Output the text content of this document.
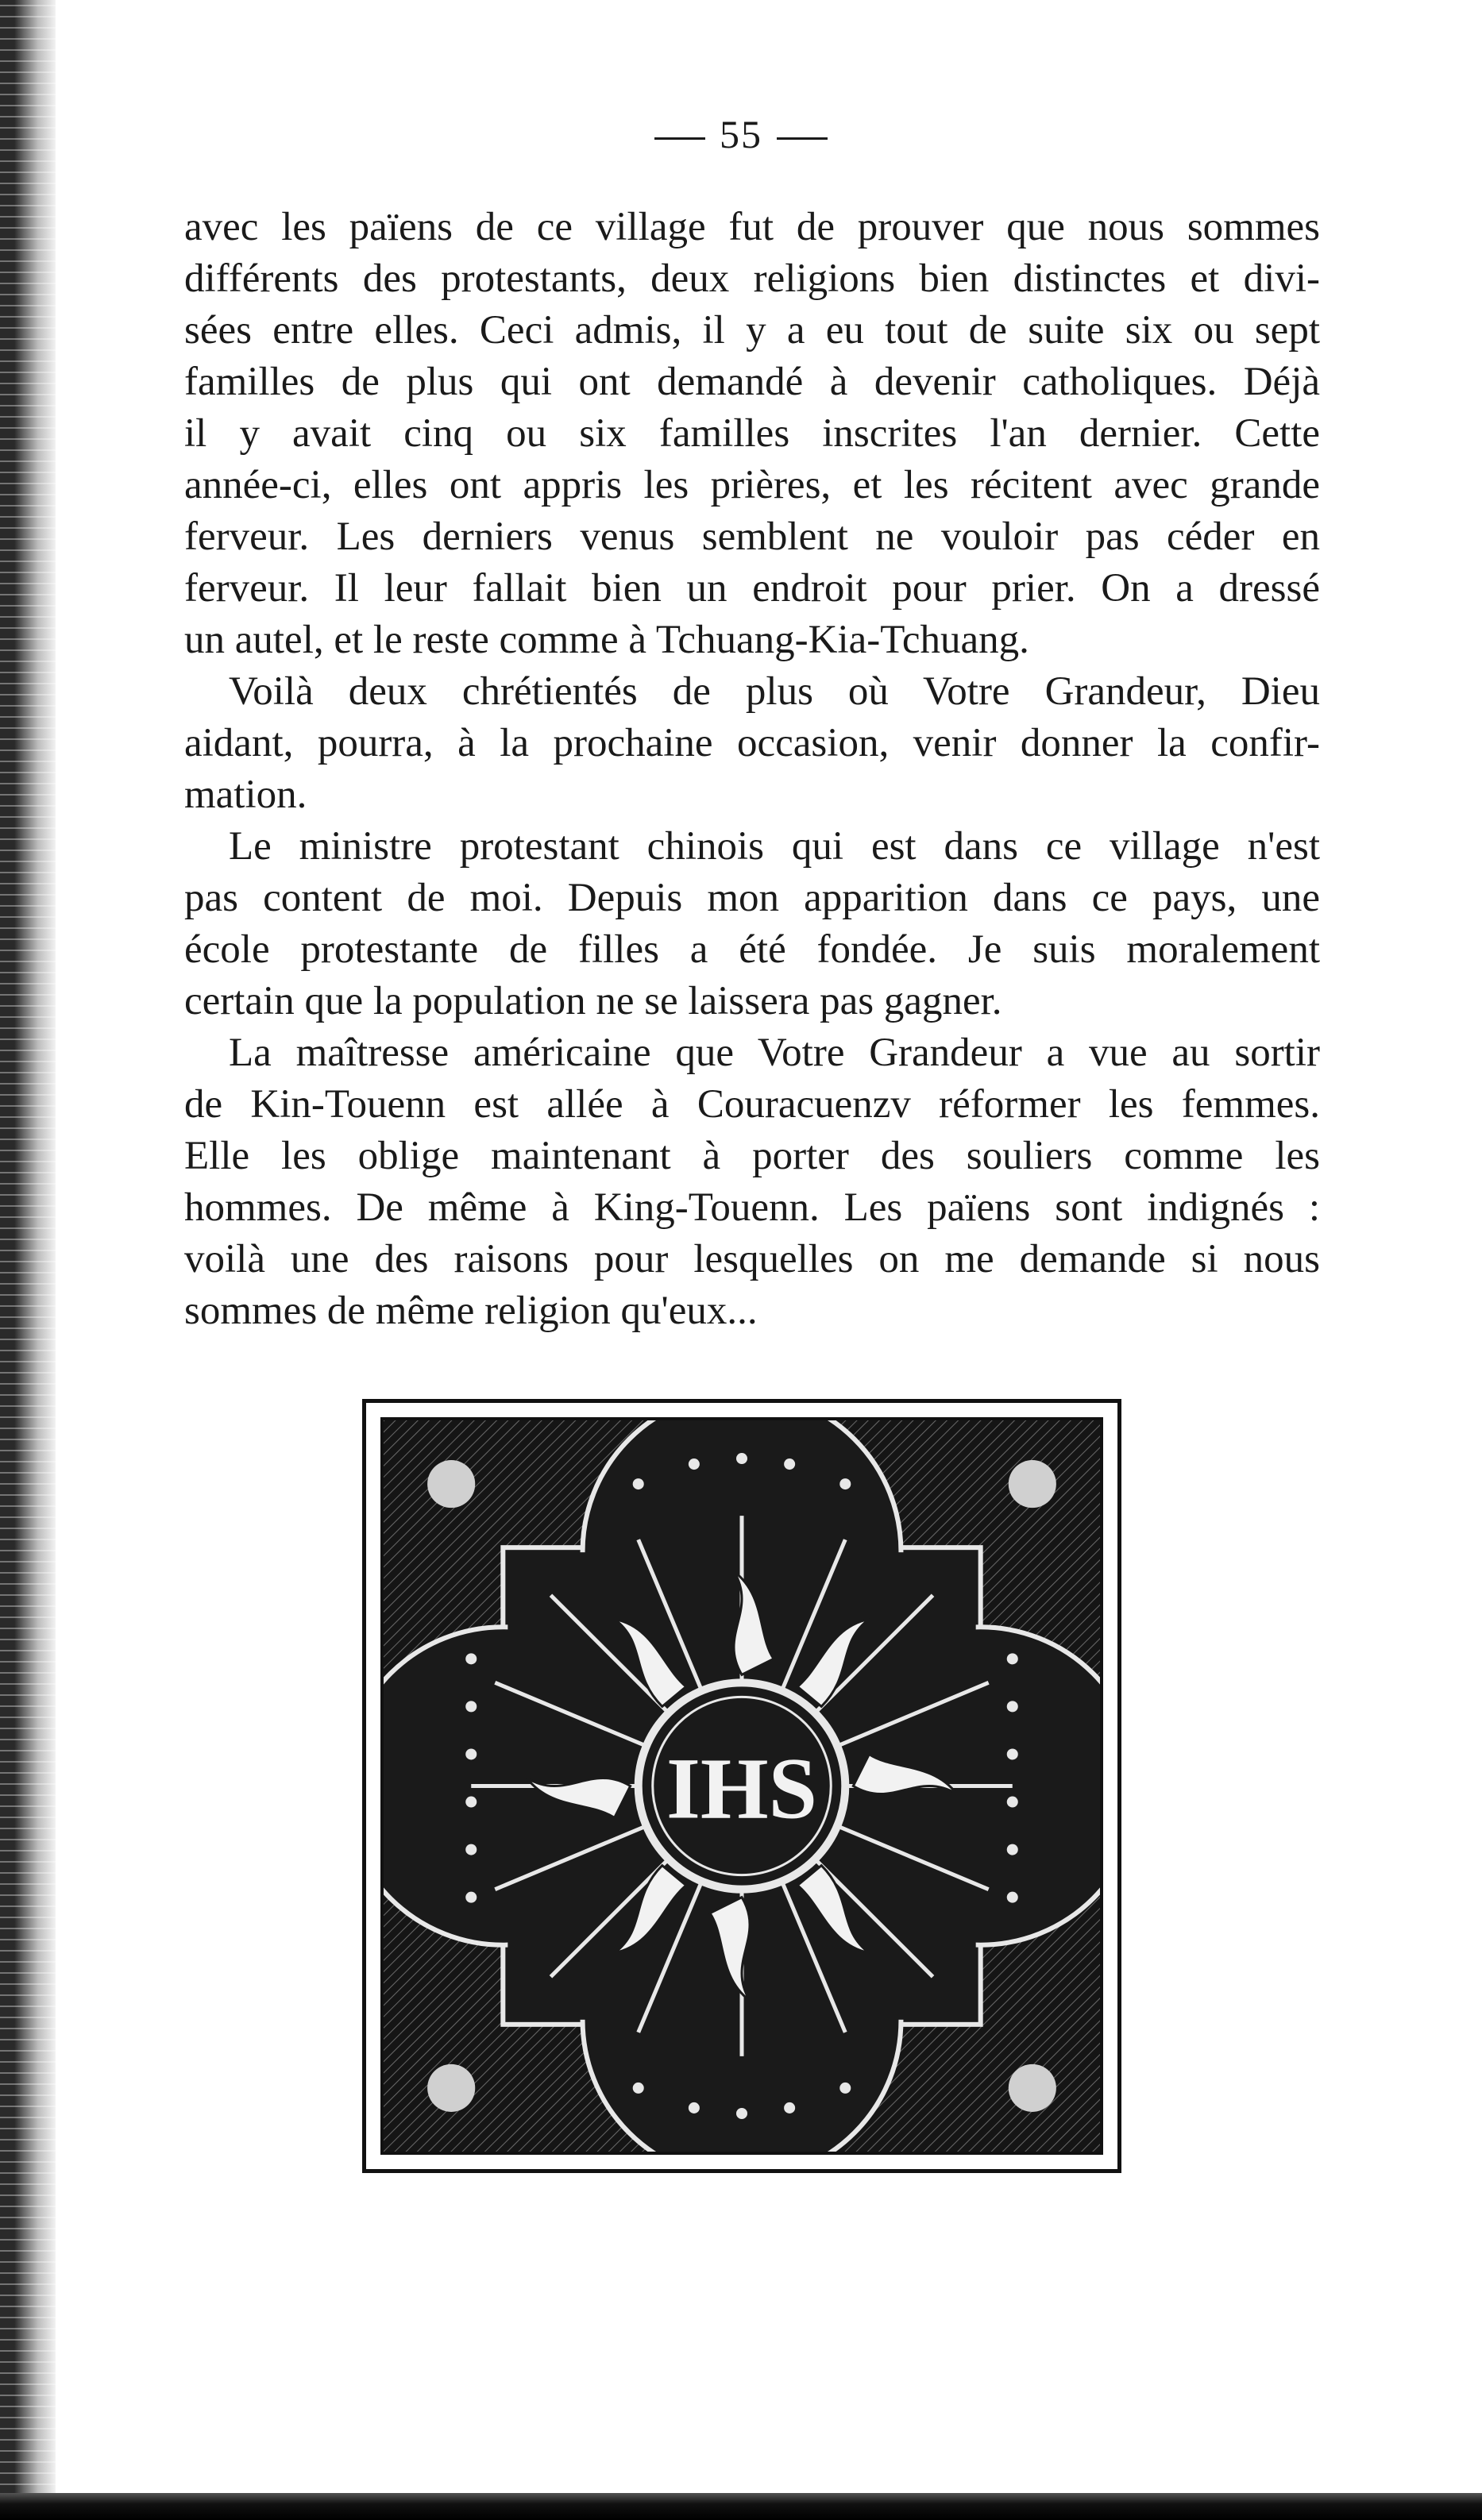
55
avec les païens de ce village fut de prouver que nous sommes
différents des protestants, deux religions bien distinctes et divi-
sées entre elles. Ceci admis, il y a eu tout de suite six ou sept
familles de plus qui ont demandé à devenir catholiques. Déjà
il y avait cinq ou six familles inscrites l'an dernier. Cette
année-ci, elles ont appris les prières, et les récitent avec grande
ferveur. Les derniers venus semblent ne vouloir pas céder en
ferveur. Il leur fallait bien un endroit pour prier. On a dressé
un autel, et le reste comme à Tchuang-Kia-Tchuang.
Voilà deux chrétientés de plus où Votre Grandeur, Dieu
aidant, pourra, à la prochaine occasion, venir donner la confir-
mation.
Le ministre protestant chinois qui est dans ce village n'est
pas content de moi. Depuis mon apparition dans ce pays, une
école protestante de filles a été fondée. Je suis moralement
certain que la population ne se laissera pas gagner.
La maîtresse américaine que Votre Grandeur a vue au sortir
de Kin-Touenn est allée à Couracuenzv réformer les femmes.
Elle les oblige maintenant à porter des souliers comme les
hommes. De même à King-Touenn. Les païens sont indignés :
voilà une des raisons pour lesquelles on me demande si nous
sommes de même religion qu'eux...
IHS
